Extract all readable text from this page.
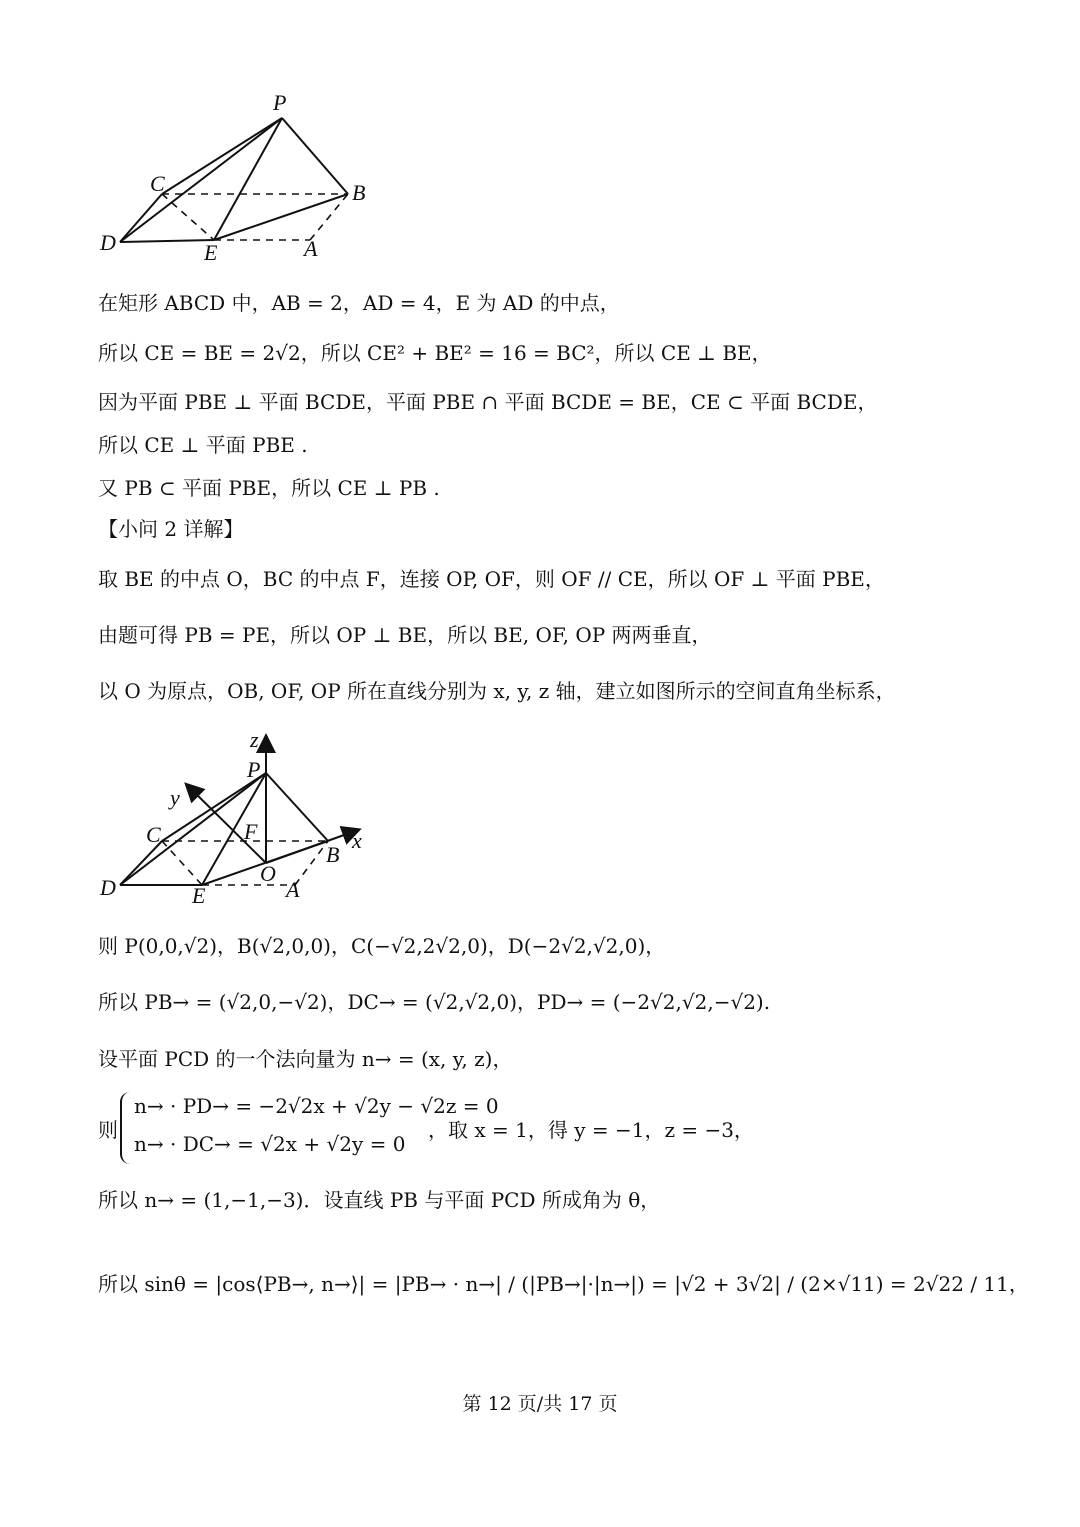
P
C	B
D	E	A
在矩形 ABCD 中，AB = 2，AD = 4，E 为 AD 的中点，
所以 CE = BE = 2√2，所以 CE² + BE² = 16 = BC²，所以 CE ⊥ BE，
因为平面 PBE ⊥ 平面 BCDE，平面 PBE ∩ 平面 BCDE = BE，CE ⊂ 平面 BCDE，
所以 CE ⊥ 平面 PBE .
又 PB ⊂ 平面 PBE，所以 CE ⊥ PB .
【小问 2 详解】
取 BE 的中点 O，BC 的中点 F，连接 OP, OF，则 OF // CE，所以 OF ⊥ 平面 PBE，
由题可得 PB = PE，所以 OP ⊥ BE，所以 BE, OF, OP 两两垂直，
以 O 为原点，OB, OF, OP 所在直线分别为 x, y, z 轴，建立如图所示的空间直角坐标系，
z
P
y
C	F	x
B
O
D	E	A
则 P(0,0,√2)，B(√2,0,0)，C(−√2,2√2,0)，D(−2√2,√2,0)，
所以 PB→ = (√2,0,−√2)，DC→ = (√2,√2,0)，PD→ = (−2√2,√2,−√2).
设平面 PCD 的一个法向量为 n→ = (x, y, z)，
则
n→ · PD→ = −2√2x + √2y − √2z = 0
n→ · DC→ = √2x + √2y = 0
，取 x = 1，得 y = −1，z = −3，
所以 n→ = (1,−1,−3)．设直线 PB 与平面 PCD 所成角为 θ，
所以 sinθ = |cos⟨PB→, n→⟩| = |PB→ · n→| / (|PB→|·|n→|) = |√2 + 3√2| / (2×√11) = 2√22 / 11，
第 12 页/共 17 页
